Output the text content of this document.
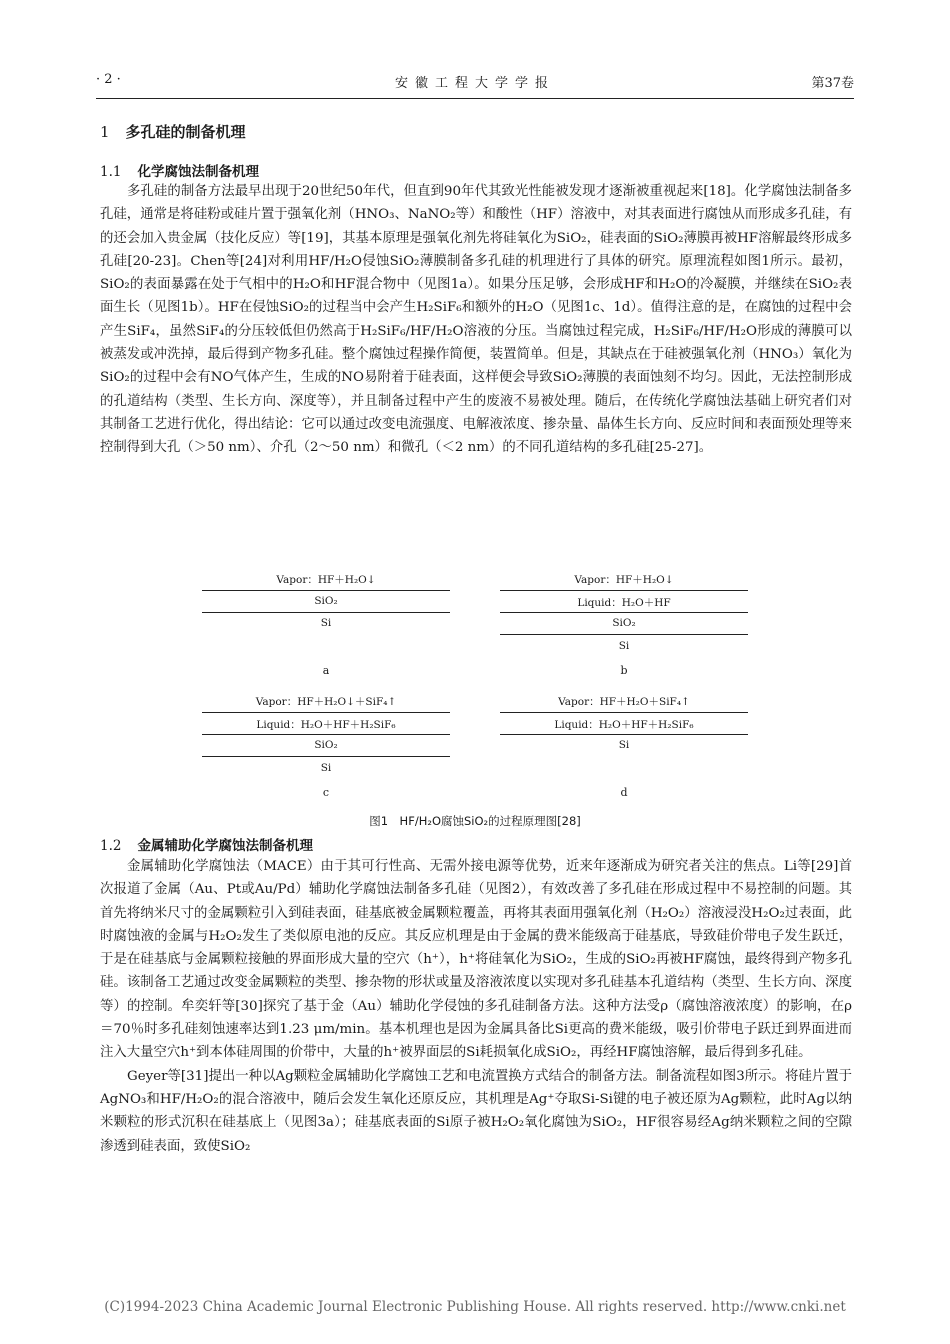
· 2 ·	安徽工程大学学报	第37卷
1 多孔硅的制备机理
1.1 化学腐蚀法制备机理

多孔硅的制备方法最早出现于20世纪50年代，但直到90年代其致光性能被发现才逐渐被重视起来[18]。化学腐蚀法制备多孔硅，通常是将硅粉或硅片置于强氧化剂（HNO₃、NaNO₂等）和酸性（HF）溶液中，对其表面进行腐蚀从而形成多孔硅，有的还会加入贵金属（技化反应）等[19]，其基本原理是强氧化剂先将硅氧化为SiO₂，硅表面的SiO₂薄膜再被HF溶解最终形成多孔硅[20-23]。Chen等[24]对利用HF/H₂O侵蚀SiO₂薄膜制备多孔硅的机理进行了具体的研究。原理流程如图1所示。最初，SiO₂的表面暴露在处于气相中的H₂O和HF混合物中（见图1a）。如果分压足够，会形成HF和H₂O的冷凝膜，并继续在SiO₂表面生长（见图1b）。HF在侵蚀SiO₂的过程当中会产生H₂SiF₆和额外的H₂O（见图1c、1d）。值得注意的是，在腐蚀的过程中会产生SiF₄，虽然SiF₄的分压较低但仍然高于H₂SiF₆/HF/H₂O溶液的分压。当腐蚀过程完成，H₂SiF₆/HF/H₂O形成的薄膜可以被蒸发或冲洗掉，最后得到产物多孔硅。整个腐蚀过程操作简便，装置简单。但是，其缺点在于硅被强氧化剂（HNO₃）氧化为SiO₂的过程中会有NO气体产生，生成的NO易附着于硅表面，这样便会导致SiO₂薄膜的表面蚀刻不均匀。因此，无法控制形成的孔道结构（类型、生长方向、深度等），并且制备过程中产生的废液不易被处理。随后，在传统化学腐蚀法基础上研究者们对其制备工艺进行优化，得出结论：它可以通过改变电流强度、电解液浓度、掺杂量、晶体生长方向、反应时间和表面预处理等来控制得到大孔（＞50 nm）、介孔（2～50 nm）和微孔（＜2 nm）的不同孔道结构的多孔硅[25-27]。

Vapor：HF＋H₂O↓
SiO₂
Si
a
Vapor：HF＋H₂O↓
Liquid：H₂O＋HF
SiO₂
Si
b
Vapor：HF＋H₂O↓＋SiF₄↑
Liquid：H₂O＋HF＋H₂SiF₆
SiO₂
Si
c
Vapor：HF＋H₂O＋SiF₄↑
Liquid：H₂O＋HF＋H₂SiF₆
Si
d
图1　HF/H₂O腐蚀SiO₂的过程原理图[28]
1.2 金属辅助化学腐蚀法制备机理

金属辅助化学腐蚀法（MACE）由于其可行性高、无需外接电源等优势，近来年逐渐成为研究者关注的焦点。Li等[29]首次报道了金属（Au、Pt或Au/Pd）辅助化学腐蚀法制备多孔硅（见图2），有效改善了多孔硅在形成过程中不易控制的问题。其首先将纳米尺寸的金属颗粒引入到硅表面，硅基底被金属颗粒覆盖，再将其表面用强氧化剂（H₂O₂）溶液浸没H₂O₂过表面，此时腐蚀液的金属与H₂O₂发生了类似原电池的反应。其反应机理是由于金属的费米能级高于硅基底，导致硅价带电子发生跃迁，于是在硅基底与金属颗粒接触的界面形成大量的空穴（h⁺），h⁺将硅氧化为SiO₂，生成的SiO₂再被HF腐蚀，最终得到产物多孔硅。该制备工艺通过改变金属颗粒的类型、掺杂物的形状或量及溶液浓度以实现对多孔硅基本孔道结构（类型、生长方向、深度等）的控制。牟奕轩等[30]探究了基于金（Au）辅助化学侵蚀的多孔硅制备方法。这种方法受ρ（腐蚀溶液浓度）的影响，在ρ＝70％时多孔硅刻蚀速率达到1.23 μm/min。基本机理也是因为金属具备比Si更高的费米能级，吸引价带电子跃迁到界面进而注入大量空穴h⁺到本体硅周围的价带中，大量的h⁺被界面层的Si耗损氧化成SiO₂，再经HF腐蚀溶解，最后得到多孔硅。

Geyer等[31]提出一种以Ag颗粒金属辅助化学腐蚀工艺和电流置换方式结合的制备方法。制备流程如图3所示。将硅片置于AgNO₃和HF/H₂O₂的混合溶液中，随后会发生氧化还原反应，其机理是Ag⁺夺取Si-Si键的电子被还原为Ag颗粒，此时Ag以纳米颗粒的形式沉积在硅基底上（见图3a）；硅基底表面的Si原子被H₂O₂氧化腐蚀为SiO₂，HF很容易经Ag纳米颗粒之间的空隙渗透到硅表面，致使SiO₂

(C)1994-2023 China Academic Journal Electronic Publishing House. All rights reserved. http://www.cnki.net
